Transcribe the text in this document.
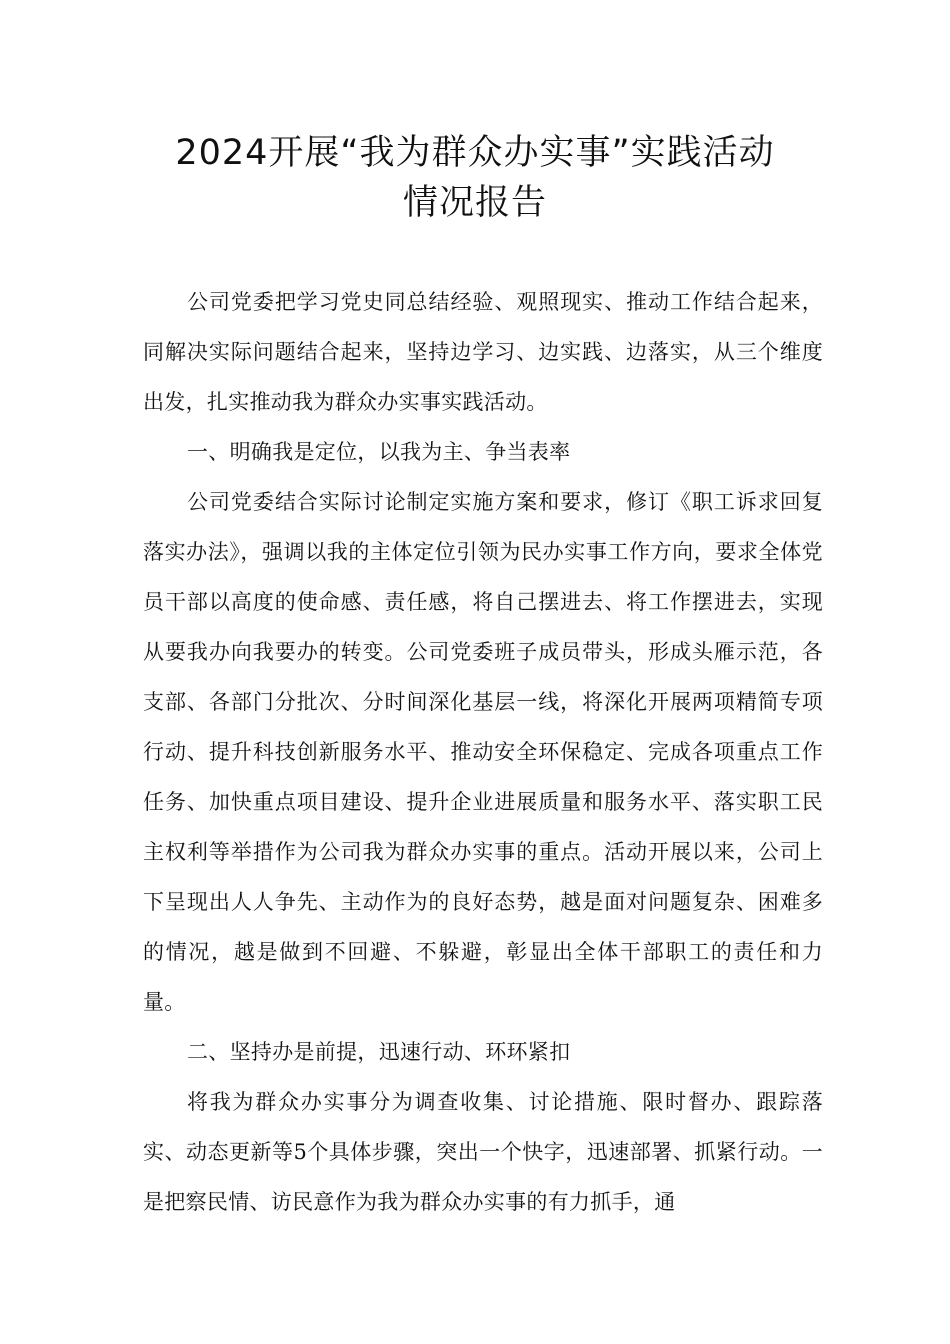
2024开展“我为群众办实事”实践活动
情况报告

公司党委把学习党史同总结经验、观照现实、推动工作结合起来，同解决实际问题结合起来，坚持边学习、边实践、边落实，从三个维度出发，扎实推动我为群众办实事实践活动。

一、明确我是定位，以我为主、争当表率

公司党委结合实际讨论制定实施方案和要求，修订《职工诉求回复落实办法》，强调以我的主体定位引领为民办实事工作方向，要求全体党员干部以高度的使命感、责任感，将自己摆进去、将工作摆进去，实现从要我办向我要办的转变。公司党委班子成员带头，形成头雁示范，各支部、各部门分批次、分时间深化基层一线，将深化开展两项精简专项行动、提升科技创新服务水平、推动安全环保稳定、完成各项重点工作任务、加快重点项目建设、提升企业进展质量和服务水平、落实职工民主权利等举措作为公司我为群众办实事的重点。活动开展以来，公司上下呈现出人人争先、主动作为的良好态势，越是面对问题复杂、困难多的情况，越是做到不回避、不躲避，彰显出全体干部职工的责任和力量。

二、坚持办是前提，迅速行动、环环紧扣

将我为群众办实事分为调查收集、讨论措施、限时督办、跟踪落实、动态更新等5个具体步骤，突出一个快字，迅速部署、抓紧行动。一是把察民情、访民意作为我为群众办实事的有力抓手，通
